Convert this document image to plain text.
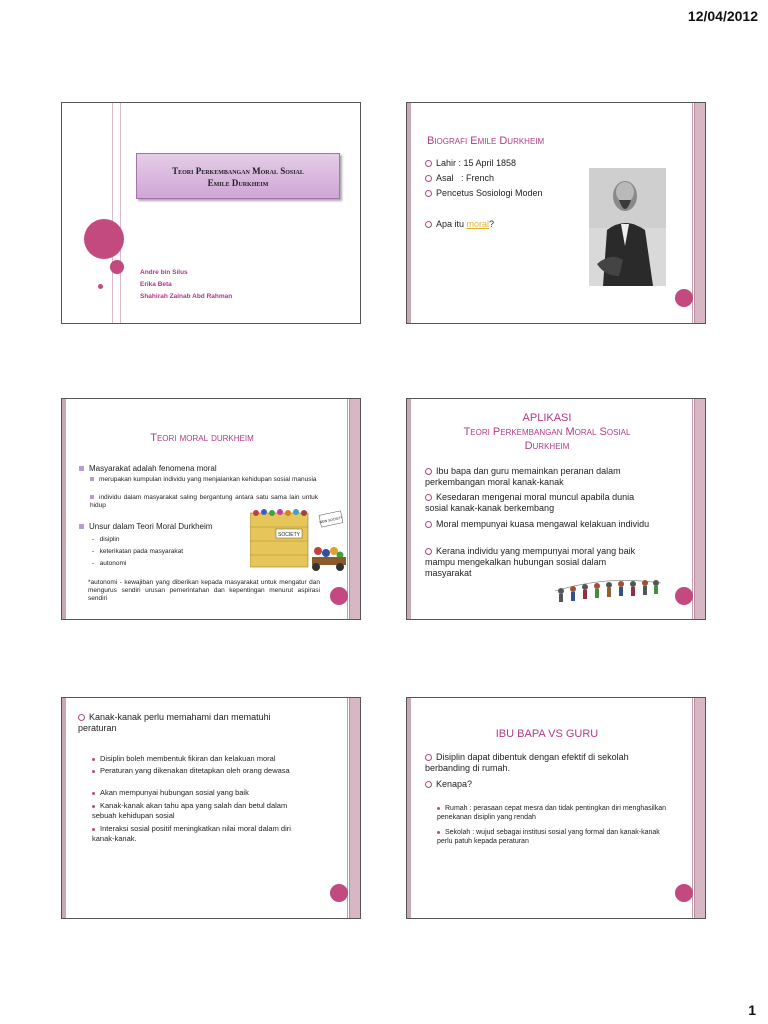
12/04/2012
Teori Perkembangan Moral Sosial
Emile Durkheim
Andre bin Silus
Erika Beta
Shahirah Zainab Abd Rahman
Biografi Emile Durkheim
Lahir : 15 April 1858
Asal   : French
Pencetus Sosiologi Moden
Apa itu moral?
Teori moral durkheim
Masyarakat adalah fenomena moral
merupakan kumpulan individu yang menjalankan kehidupan sosial manusia
individu dalam masyarakat saling bergantung antara satu sama lain untuk hidup
Unsur dalam Teori Moral Durkheim
-   disiplin
-   keterikatan pada masyarakat
-   autonomi
*autonomi - kewajiban yang diberikan kepada masyarakat untuk mengatur dan mengurus sendiri urusan pemerintahan dan kepentingan menurut aspirasi sendiri
SOCIETY
NEW SOCIETY
APLIKASI
Teori Perkembangan Moral Sosial
Durkheim
Ibu bapa dan guru memainkan peranan dalam perkembangan moral kanak-kanak
Kesedaran mengenai moral muncul apabila dunia sosial kanak-kanak berkembang
Moral mempunyai kuasa mengawal kelakuan individu
Kerana individu yang mempunyai moral yang baik mampu mengekalkan hubungan sosial dalam masyarakat
Kanak-kanak perlu memahami dan mematuhi peraturan
Disiplin boleh membentuk fikiran dan kelakuan moral
Peraturan yang dikenakan ditetapkan oleh orang dewasa
Akan mempunyai hubungan sosial yang baik
Kanak-kanak akan tahu apa yang salah dan betul dalam sebuah kehidupan sosial
Interaksi sosial positif meningkatkan nilai moral dalam diri kanak-kanak.
IBU BAPA VS GURU
Disiplin dapat dibentuk dengan efektif di sekolah berbanding di rumah.
Kenapa?
Rumah : perasaan cepat mesra dan tidak pentingkan diri menghasilkan penekanan disiplin yang rendah
Sekolah : wujud sebagai institusi sosial yang formal dan kanak-kanak perlu patuh kepada peraturan
1
